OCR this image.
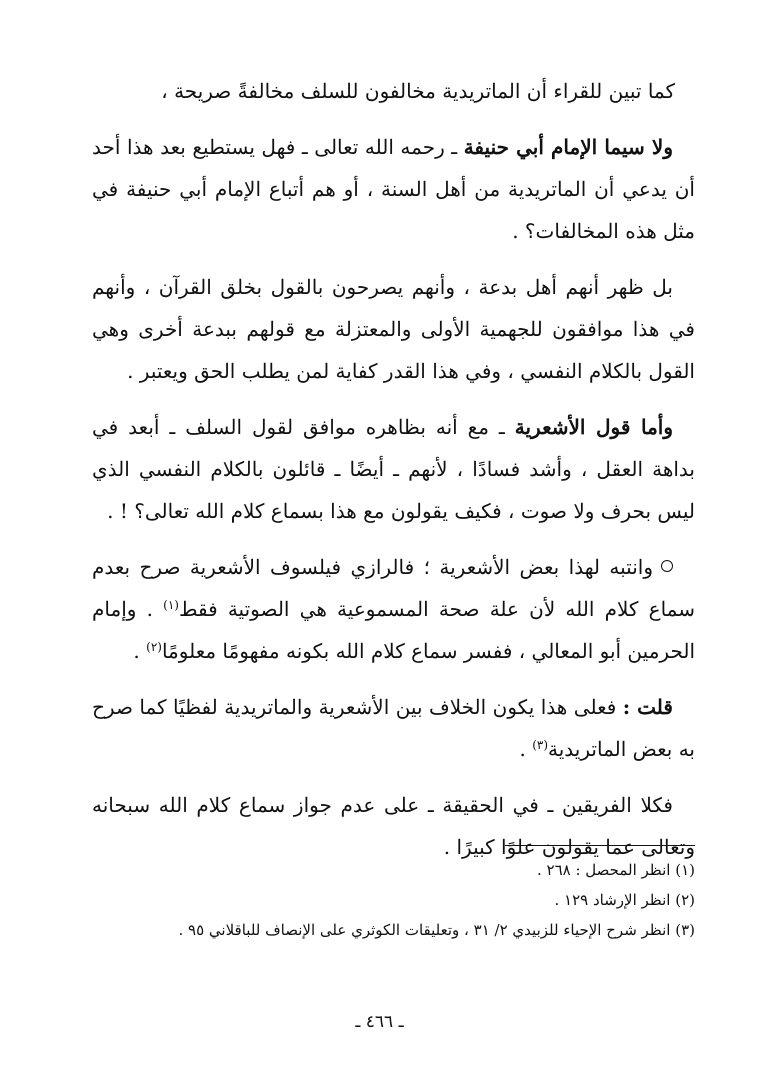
كما تبين للقراء أن الماتريدية مخالفون للسلف مخالفةً صريحة ،

ولا سيما الإمام أبي حنيفة ـ رحمه الله تعالى ـ فهل يستطيع بعد هذا أحد أن يدعي أن الماتريدية من أهل السنة ، أو هم أتباع الإمام أبي حنيفة في مثل هذه المخالفات؟ .

بل ظهر أنهم أهل بدعة ، وأنهم يصرحون بالقول بخلق القرآن ، وأنهم في هذا موافقون للجهمية الأولى والمعتزلة مع قولهم ببدعة أخرى وهي القول بالكلام النفسي ، وفي هذا القدر كفاية لمن يطلب الحق ويعتبر .

وأما قول الأشعرية ـ مع أنه بظاهره موافق لقول السلف ـ أبعد في بداهة العقل ، وأشد فسادًا ، لأنهم ـ أيضًا ـ قائلون بالكلام النفسي الذي ليس بحرف ولا صوت ، فكيف يقولون مع هذا بسماع كلام الله تعالى؟ ! .

وانتبه لهذا بعض الأشعرية ؛ فالرازي فيلسوف الأشعرية صرح بعدم سماع كلام الله لأن علة صحة المسموعية هي الصوتية فقط$^{(١)}$ . وإمام الحرمين أبو المعالي ، ففسر سماع كلام الله بكونه مفهومًا معلومًا$^{(٢)}$ .

قلت : فعلى هذا يكون الخلاف بين الأشعرية والماتريدية لفظيًا كما صرح به بعض الماتريدية$^{(٣)}$ .

فكلا الفريقين ـ في الحقيقة ـ على عدم جواز سماع كلام الله سبحانه وتعالى عما يقولون علوًا كبيرًا .

(١) انظر المحصل : ٢٦٨ .
(٢) انظر الإرشاد ١٢٩ .
(٣) انظر شرح الإحياء للزبيدي ٢/ ٣١ ، وتعليقات الكوثري على الإنصاف للباقلاني ٩٥ .
ـ ٤٦٦ ـ
